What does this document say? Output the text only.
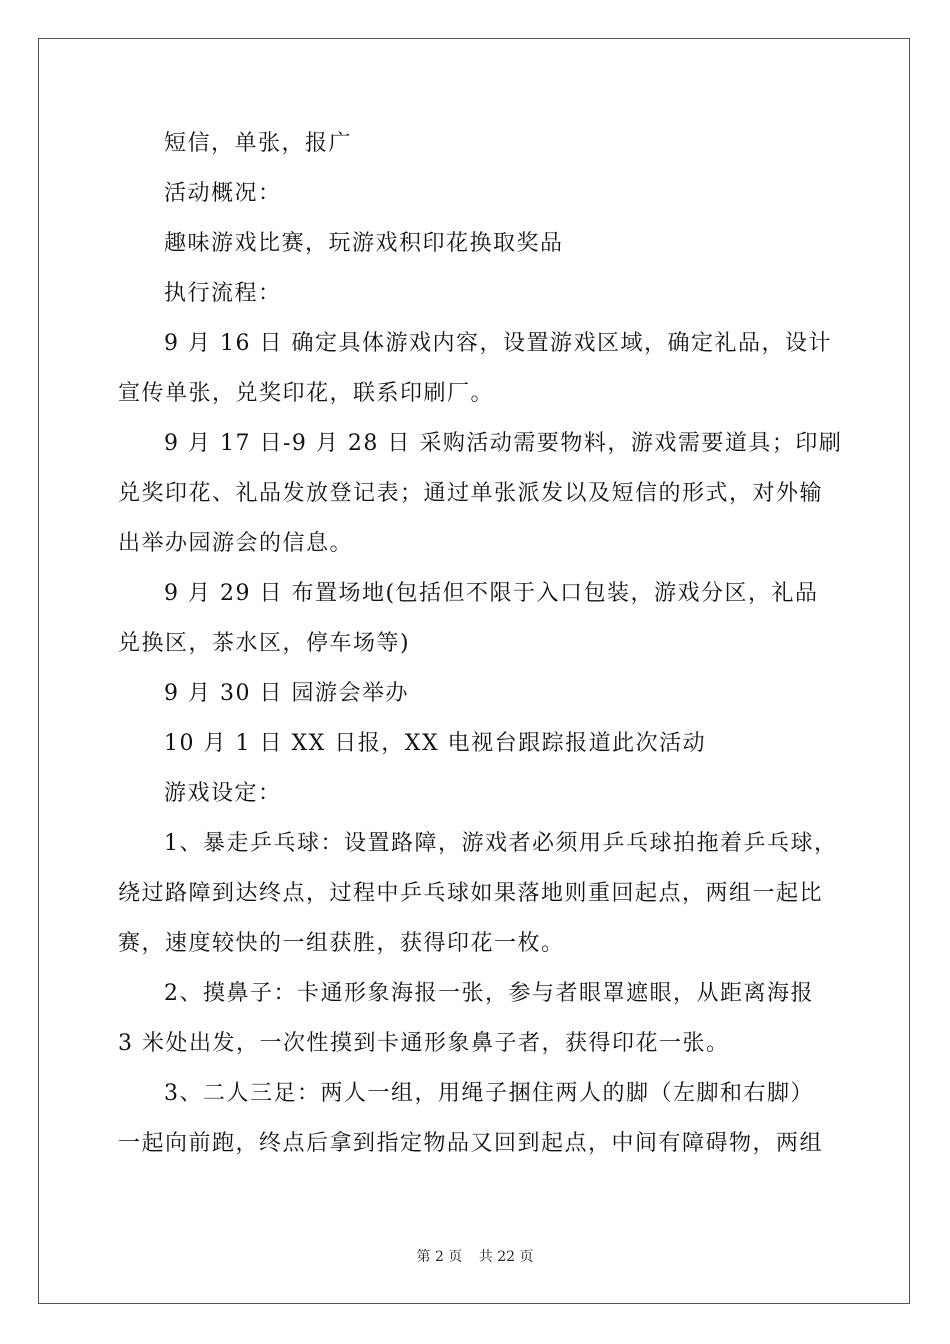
短信，单张，报广
活动概况：
趣味游戏比赛，玩游戏积印花换取奖品
执行流程：
9 月 16 日 确定具体游戏内容，设置游戏区域，确定礼品，设计
宣传单张，兑奖印花，联系印刷厂。
9 月 17 日-9 月 28 日 采购活动需要物料，游戏需要道具；印刷
兑奖印花、礼品发放登记表；通过单张派发以及短信的形式，对外输
出举办园游会的信息。
9 月 29 日 布置场地(包括但不限于入口包装，游戏分区，礼品
兑换区，茶水区，停车场等)
9 月 30 日 园游会举办
10 月 1 日 XX 日报，XX 电视台跟踪报道此次活动
游戏设定：
1、暴走乒乓球：设置路障，游戏者必须用乒乓球拍拖着乒乓球，
绕过路障到达终点，过程中乒乓球如果落地则重回起点，两组一起比
赛，速度较快的一组获胜，获得印花一枚。
2、摸鼻子：卡通形象海报一张，参与者眼罩遮眼，从距离海报
3 米处出发，一次性摸到卡通形象鼻子者，获得印花一张。
3、二人三足：两人一组，用绳子捆住两人的脚（左脚和右脚）
一起向前跑，终点后拿到指定物品又回到起点，中间有障碍物，两组
第 2 页 共 22 页
